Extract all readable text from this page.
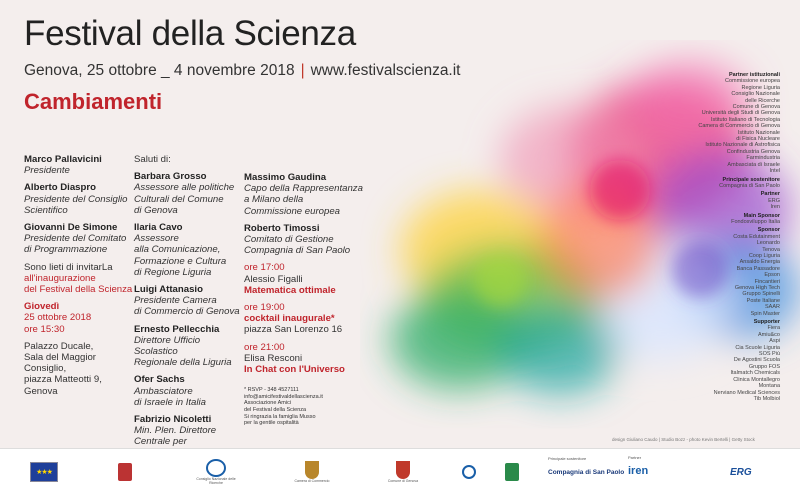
Festival della Scienza
Genova, 25 ottobre _ 4 novembre 2018 | www.festivalscienza.it
Cambiamenti
Marco Pallavicini
Presidente
Alberto Diaspro
Presidente del Consiglio
Scientifico
Giovanni De Simone
Presidente del Comitato
di Programmazione
Sono lieti di invitarLa
all'inaugurazione
del Festival della Scienza
Giovedì
25 ottobre 2018
ore 15:30
Palazzo Ducale,
Sala del Maggior
Consiglio,
piazza Matteotti 9,
Genova
Saluti di:
Barbara Grosso
Assessore alle politiche
Culturali del Comune
di Genova
Ilaria Cavo
Assessore
alla Comunicazione,
Formazione e Cultura
di Regione Liguria
Luigi Attanasio
Presidente Camera
di Commercio di Genova
Ernesto Pellecchia
Direttore Ufficio Scolastico
Regionale della Liguria
Ofer Sachs
Ambasciatore
di Israele in Italia
Fabrizio Nicoletti
Min. Plen. Direttore
Centrale per
Massimo Gaudina
Capo della Rappresentanza
a Milano della
Commissione europea
Roberto Timossi
Comitato di Gestione
Compagnia di San Paolo
ore 17:00
Alessio Figalli
Matematica ottimale
ore 19:00
cocktail inaugurale*
piazza San Lorenzo 16
ore 21:00
Elisa Resconi
In Chat con l'Universo
* RSVP - 348 4527111
info@amicifestivaldellascienza.it
Associazione Amici
del Festival della Scienza
Si ringrazia la famiglia Musso
per la gentile ospitalità
Partner istituzionali
Commissione europea
Regione Liguria
Consiglio Nazionale
delle Ricerche
Comune di Genova
Università degli Studi di Genova
Istituto Italiano di Tecnologia
Camera di Commercio di Genova
Istituto Nazionale
di Fisica Nucleare
Istituto Nazionale di Astrofisica
Confindustria Genova
Farmindustria
Ambasciata di Israele
Intel
Principale sostenitore
Compagnia di San Paolo
Partner
ERG
Iren
Main Sponsor
Fondosviluppo Italia
Sponsor
Costa Edutainment
Leonardo
Tenova
Coop Liguria
Ansaldo Energia
Banca Passadore
Epson
Fincantieri
Genova High Tech
Gruppo Spinelli
Poste Italiane
SAAR
Spin Master
Supporter
Fiera
Amiu&co
Aspi
Cia Scuole Liguria
SOS Più
De Agostini Scuola
Gruppo FOS
Italmatch Chemicals
Clinica Montallegro
Montana
Nerviano Medical Sciences
Tib Molbiol
design Giuliano Caudo | Studio Bozz - photo Kevin Bertelli | Getty Stock
★★★
Consiglio Nazionale delle Ricerche	Camera di Commercio	Comune di Genova
Principale sostenitore
Compagnia di San Paolo
Partner
iren	ERG
